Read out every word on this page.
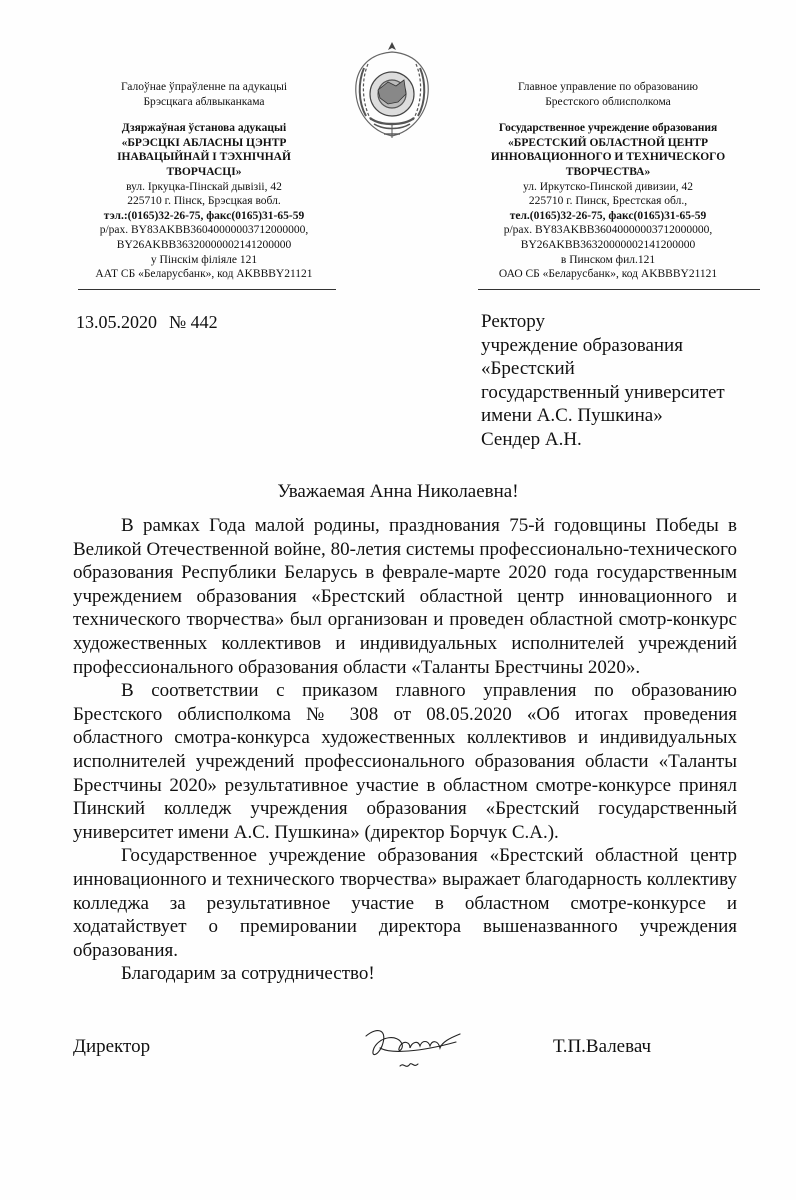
Галоўнае ўпраўленне па адукацыі
Брэсцкага аблвыканкама
Дзяржаўная ўстанова адукацыі
«БРЭСЦКІ АБЛАСНЫ ЦЭНТР
ІНАВАЦЫЙНАЙ І ТЭХНІЧНАЙ
ТВОРЧАСЦІ»
вул. Іркуцка-Пінскай дывізіі, 42
225710 г. Пінск, Брэсцкая вобл.
тэл.:(0165)32-26-75, факс(0165)31-65-59
р/рах. BY83AKBB36040000003712000000,
BY26AKBB36320000002141200000
у Пінскім філіяле 121
ААТ СБ «Беларусбанк», код AKBBBY21121
Главное управление по образованию
Брестского облисполкома
Государственное учреждение образования
«БРЕСТСКИЙ ОБЛАСТНОЙ ЦЕНТР
ИННОВАЦИОННОГО И ТЕХНИЧЕСКОГО
ТВОРЧЕСТВА»
ул. Иркутско-Пинской дивизии, 42
225710 г. Пинск, Брестская обл.,
тел.(0165)32-26-75, факс(0165)31-65-59
р/рах. BY83AKBB36040000003712000000,
BY26AKBB36320000002141200000
в Пинском фил.121
ОАО СБ «Беларусбанк», код AKBBBY21121
13.05.2020 № 442	Ректору
учреждение образования
«Брестский
государственный университет
имени А.С. Пушкина»
Сендер А.Н.
Уважаемая Анна Николаевна!

В рамках Года малой родины, празднования 75-й годовщины Победы в Великой Отечественной войне, 80-летия системы профессионально-технического образования Республики Беларусь в феврале-марте 2020 года государственным учреждением образования «Брестский областной центр инновационного и технического творчества» был организован и проведен областной смотр-конкурс художественных коллективов и индивидуальных исполнителей учреждений профессионального образования области «Таланты Брестчины 2020».

В соответствии с приказом главного управления по образованию Брестского облисполкома № 308 от 08.05.2020 «Об итогах проведения областного смотра-конкурса художественных коллективов и индивидуальных исполнителей учреждений профессионального образования области «Таланты Брестчины 2020» результативное участие в областном смотре-конкурсе принял Пинский колледж учреждения образования «Брестский государственный университет имени А.С. Пушкина» (директор Борчук С.А.).

Государственное учреждение образования «Брестский областной центр инновационного и технического творчества» выражает благодарность коллективу колледжа за результативное участие в областном смотре-конкурсе и ходатайствует о премировании директора вышеназванного учреждения образования.

Благодарим за сотрудничество!

Директор	Т.П.Валевач
